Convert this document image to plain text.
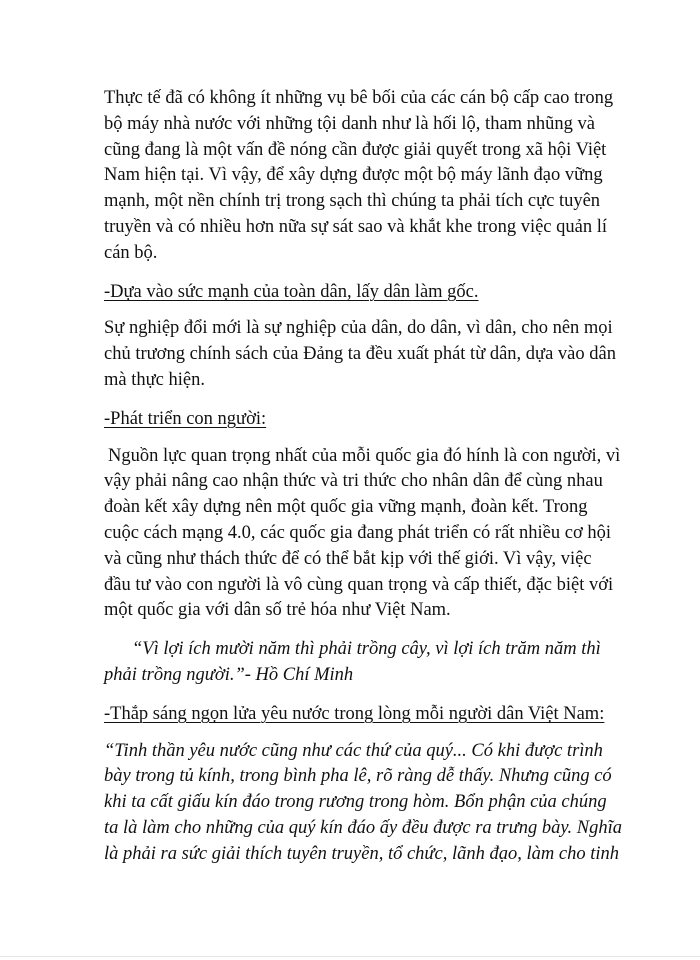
Thực tế đã có không ít những vụ bê bối của các cán bộ cấp cao trong
bộ máy nhà nước với những tội danh như là hối lộ, tham nhũng và
cũng đang là một vấn đề nóng cần được giải quyết trong xã hội Việt
Nam hiện tại. Vì vậy, để xây dựng được một bộ máy lãnh đạo vững
mạnh, một nền chính trị trong sạch thì chúng ta phải tích cực tuyên
truyền và có nhiều hơn nữa sự sát sao và khắt khe trong việc quản lí
cán bộ.
-Dựa vào sức mạnh của toàn dân, lấy dân làm gốc.
Sự nghiệp đổi mới là sự nghiệp của dân, do dân, vì dân, cho nên mọi
chủ trương chính sách của Đảng ta đều xuất phát từ dân, dựa vào dân
mà thực hiện.
-Phát triển con người:
Nguồn lực quan trọng nhất của mỗi quốc gia đó hính là con người, vì
vậy phải nâng cao nhận thức và tri thức cho nhân dân để cùng nhau
đoàn kết xây dựng nên một quốc gia vững mạnh, đoàn kết. Trong
cuộc cách mạng 4.0, các quốc gia đang phát triển có rất nhiều cơ hội
và cũng như thách thức để có thể bắt kịp với thế giới. Vì vậy, việc
đầu tư vào con người là vô cùng quan trọng và cấp thiết, đặc biệt với
một quốc gia với dân số trẻ hóa như Việt Nam.
“Vì lợi ích mười năm thì phải trồng cây, vì lợi ích trăm năm thì
phải trồng người.”- Hồ Chí Minh
-Thắp sáng ngọn lửa yêu nước trong lòng mỗi người dân Việt Nam:
“Tinh thần yêu nước cũng như các thứ của quý... Có khi được trình
bày trong tủ kính, trong bình pha lê, rõ ràng dễ thấy. Nhưng cũng có
khi ta cất giấu kín đáo trong rương trong hòm. Bổn phận của chúng
ta là làm cho những của quý kín đáo ấy đều được ra trưng bày. Nghĩa
là phải ra sức giải thích tuyên truyền, tổ chức, lãnh đạo, làm cho tinh
